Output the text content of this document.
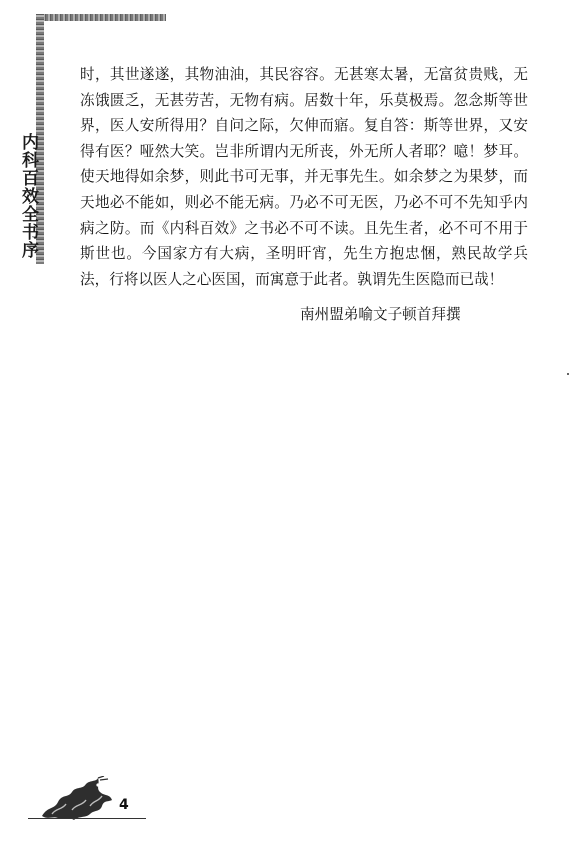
内科百效全书序

时，其世遂遂，其物油油，其民容容。无甚寒太暑，无富贫贵贱，无冻饿匮乏，无甚劳苦，无物有病。居数十年，乐莫极焉。忽念斯等世界，医人安所得用？自问之际，欠伸而寤。复自答：斯等世界，又安得有医？哑然大笑。岂非所谓内无所丧，外无所人者耶？噫！梦耳。使天地得如余梦，则此书可无事，并无事先生。如余梦之为果梦，而天地必不能如，则必不能无病。乃必不可无医，乃必不可不先知乎内病之防。而《内科百效》之书必不可不读。且先生者，必不可不用于斯世也。今国家方有大病，圣明旰宵，先生方抱忠悃，熟民故学兵法，行将以医人之心医国，而寓意于此者。孰谓先生医隐而已哉！

南州盟弟喻文子顿首拜撰

4
